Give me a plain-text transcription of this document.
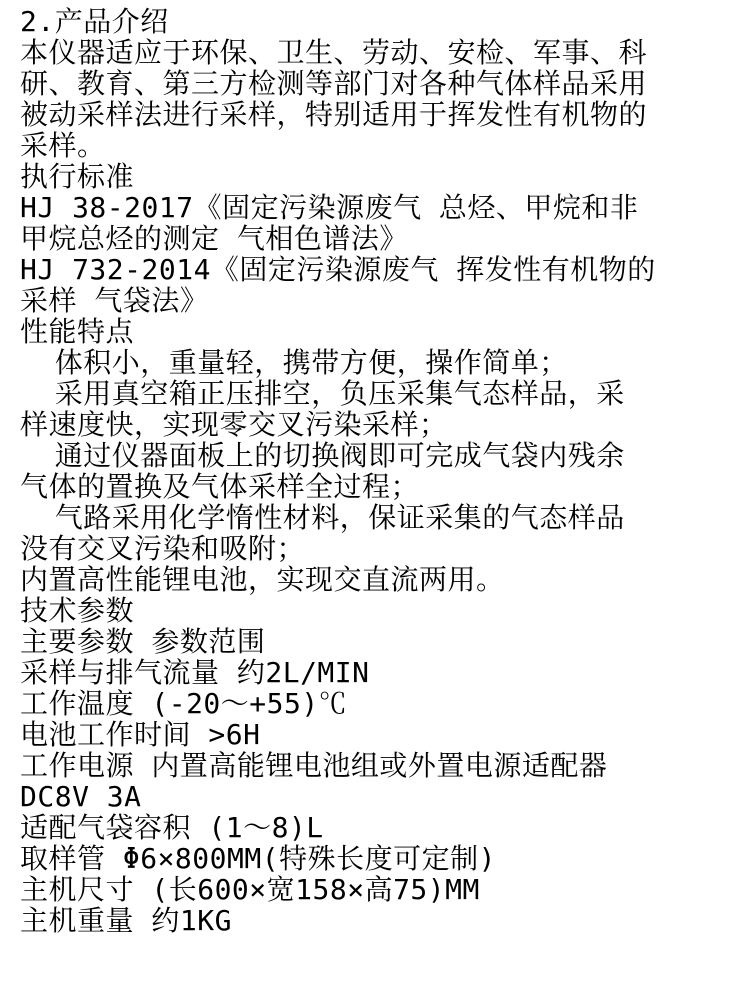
2.产品介绍
本仪器适应于环保、卫生、劳动、安检、军事、科
研、教育、第三方检测等部门对各种气体样品采用
被动采样法进行采样，特别适用于挥发性有机物的
采样。
执行标准
HJ 38-2017《固定污染源废气 总烃、甲烷和非
甲烷总烃的测定 气相色谱法》
HJ 732-2014《固定污染源废气 挥发性有机物的
采样 气袋法》
性能特点
体积小，重量轻，携带方便，操作简单；
采用真空箱正压排空，负压采集气态样品，采
样速度快，实现零交叉污染采样；
通过仪器面板上的切换阀即可完成气袋内残余
气体的置换及气体采样全过程；
气路采用化学惰性材料，保证采集的气态样品
没有交叉污染和吸附；
内置高性能锂电池，实现交直流两用。
技术参数
主要参数 参数范围
采样与排气流量 约2L/MIN
工作温度 (-20～+55)℃
电池工作时间 >6H
工作电源 内置高能锂电池组或外置电源适配器
DC8V 3A
适配气袋容积 (1～8)L
取样管 Φ6×800MM(特殊长度可定制)
主机尺寸 (长600×宽158×高75)MM
主机重量 约1KG
